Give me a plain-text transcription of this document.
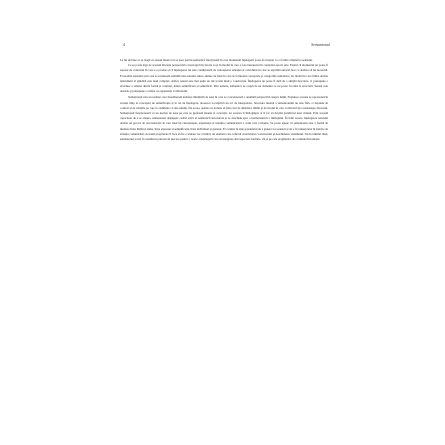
4	Semantonul

La fel de bine ce se leagă cu sensul interior ni se pare pentru semantica funcțională în care momentul înțelegerii poate fi receptat ca o formă completă a sensului.

Ce se poate lega de această discuție perspectivă cronologică în istoria sa și în modul în care a fost interpretat în contextul epocii sale. Faptul că momentul nu poate fi separat de contextul în care s-a produs și că înțelegerea lui este condiționată de cunoașterea situației și a modului în care se exprimă autorul face ca analiza să fie necesară. Economia sensului prin care se realizează semnificația textului aduce aminte de felul în care se formează conceptele și categoriile semantice, iar modul în care limba devine instrument al gândirii este unul complex. Astfel, sensul este mai puțin un dat și mai mult o construcție. Înțelegerea nu poate fi dată de o simplă descriere, ci presupune o abordare a relației dintre formă și conținut, dintre semnificant și semnificat. Prin urmare, semantica se ocupă de un domeniu ce nu poate fi redus la structură. Sensul este deschis și presupune o relație cu experiența vorbitorului.

Semantonul este un termen care desemnează unitatea minimală de sens în care se concentrează o anumită perspectivă asupra lumii. Noțiunea aceasta se raportează în același timp la conceptul de semnificație și la cel de înțelegere, deoarece ea implică un act de interpretare. Structura internă a semantonului nu este fixă, ci depinde de context și de relațiile pe care le stabilește cu alte unități. De aceea, analiza sa trebuie să țină cont de dinamica limbii și de modul în care vorbitorul își construiește discursul. Semantonul funcționează ca un nucleu de sens pe care se grefează nuanțe și conotații, iar acestea îl îmbogățesc și îl fac să devină purtătorul unei viziuni. Prin această capacitate de a se adapta, semantonul depășește cadrul strict al semanticii structurale și se deschide spre o hermeneutică a limbajului. În felul acesta, înțelegerea sensului devine un proces de reconstrucție în care intervin cunoștințele, experiența și intenția comunicativă a celui care vorbește. Se poate spune că semantonul este o formă de mediere între limbă și lume, între expresie și semnificație, între individual și general. El conține în sine potențialul de a genera noi sensuri și de a fi reinterpretat în funcție de situația comunicării. Această proprietate îl face să fie o unitate vie a limbii, un element care reflectă creativitatea vorbitorului și deschiderea sistemului. Nu în ultimul rând, semantonul poate fi considerat punctul de plecare pentru o teorie a înțelegerii care să integreze atât aspectele formale, cât și pe cele pragmatice ale comunicării umane.
